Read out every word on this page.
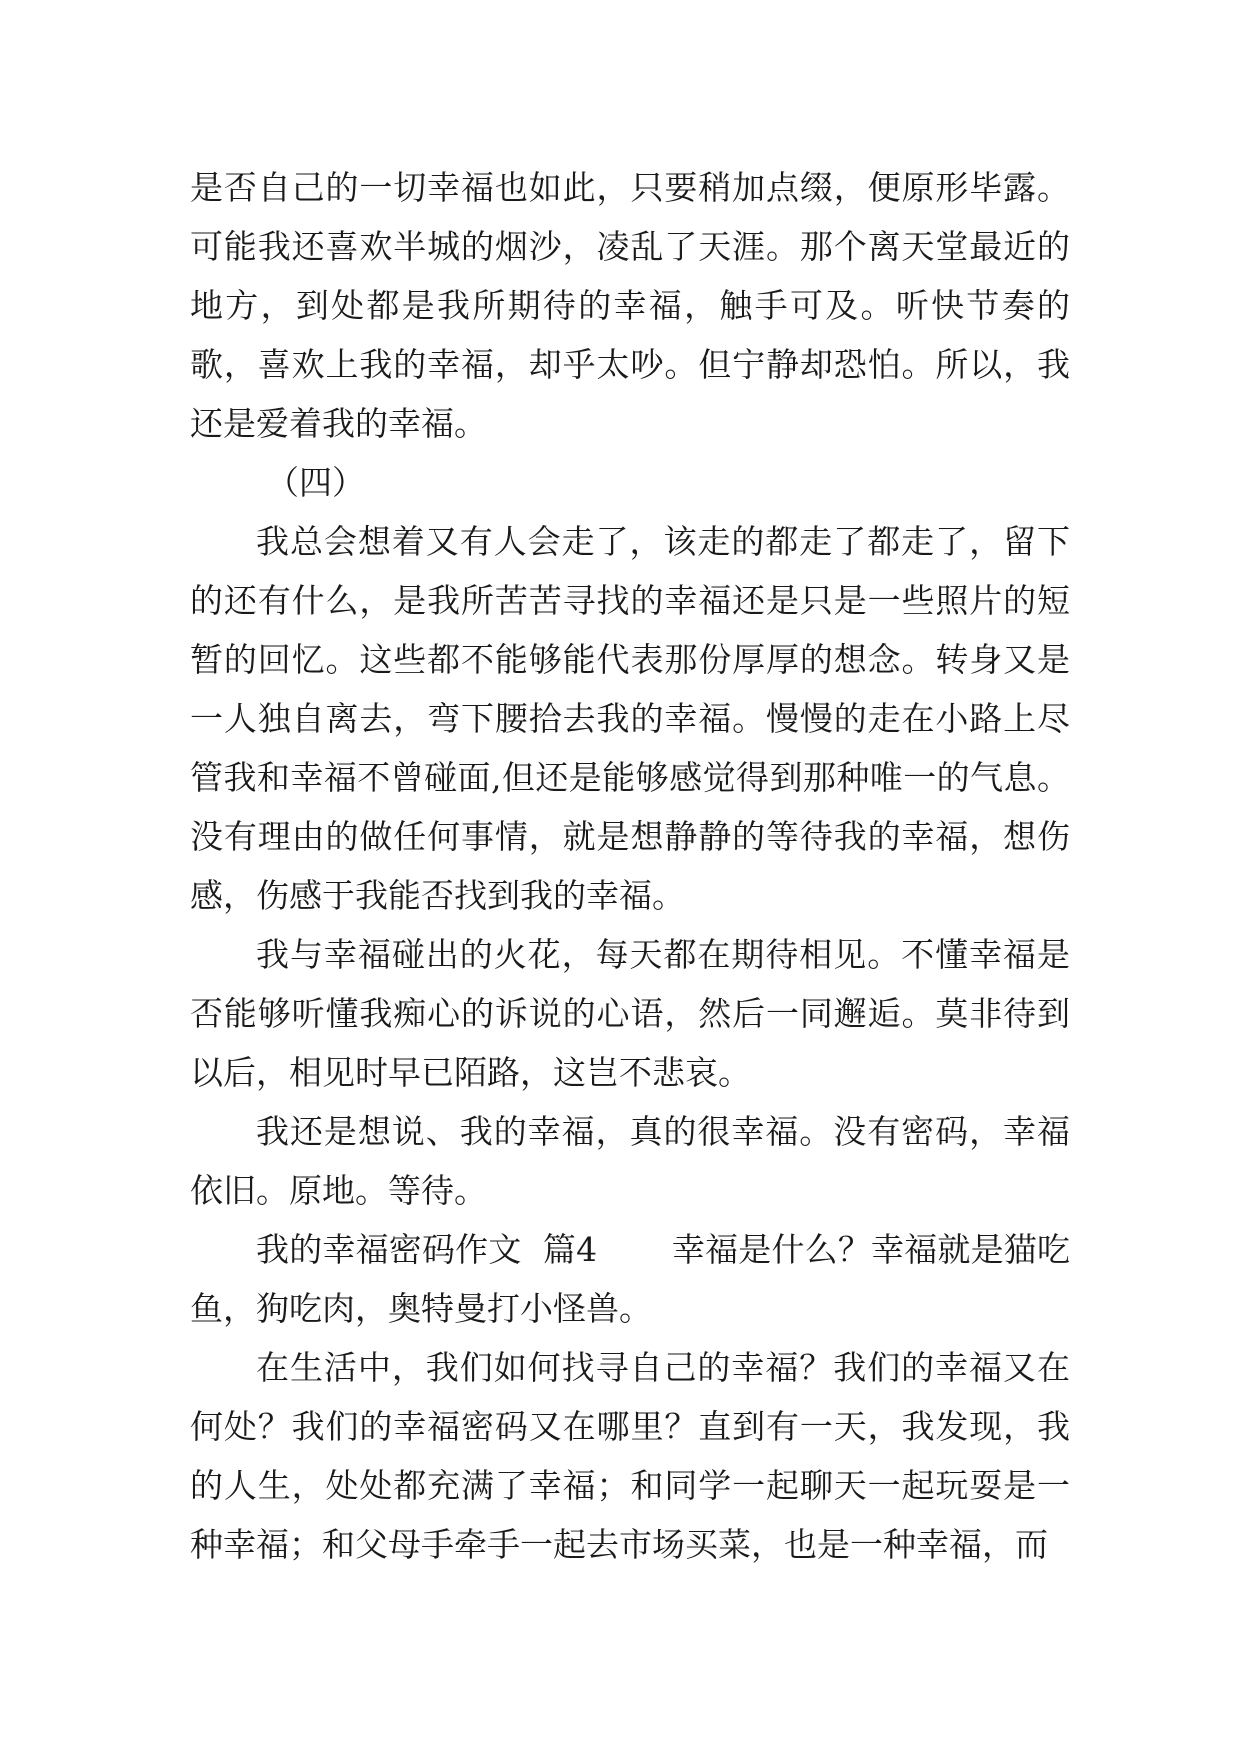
是否自己的一切幸福也如此，只要稍加点缀，便原形毕露。可能我还喜欢半城的烟沙，凌乱了天涯。那个离天堂最近的地方，到处都是我所期待的幸福，触手可及。听快节奏的歌，喜欢上我的幸福，却乎太吵。但宁静却恐怕。所以，我还是爱着我的幸福。

（四）

我总会想着又有人会走了，该走的都走了都走了，留下的还有什么，是我所苦苦寻找的幸福还是只是一些照片的短暂的回忆。这些都不能够能代表那份厚厚的想念。转身又是一人独自离去，弯下腰拾去我的幸福。慢慢的走在小路上尽管我和幸福不曾碰面,但还是能够感觉得到那种唯一的气息。没有理由的做任何事情，就是想静静的等待我的幸福，想伤感，伤感于我能否找到我的幸福。

我与幸福碰出的火花，每天都在期待相见。不懂幸福是否能够听懂我痴心的诉说的心语，然后一同邂逅。莫非待到以后，相见时早已陌路，这岂不悲哀。

我还是想说、我的幸福，真的很幸福。没有密码，幸福依旧。原地。等待。

我的幸福密码作文  篇4       幸福是什么？幸福就是猫吃鱼，狗吃肉，奥特曼打小怪兽。

在生活中，我们如何找寻自己的幸福？我们的幸福又在何处？我们的幸福密码又在哪里？直到有一天，我发现，我的人生，处处都充满了幸福；和同学一起聊天一起玩耍是一种幸福；和父母手牵手一起去市场买菜，也是一种幸福，而
